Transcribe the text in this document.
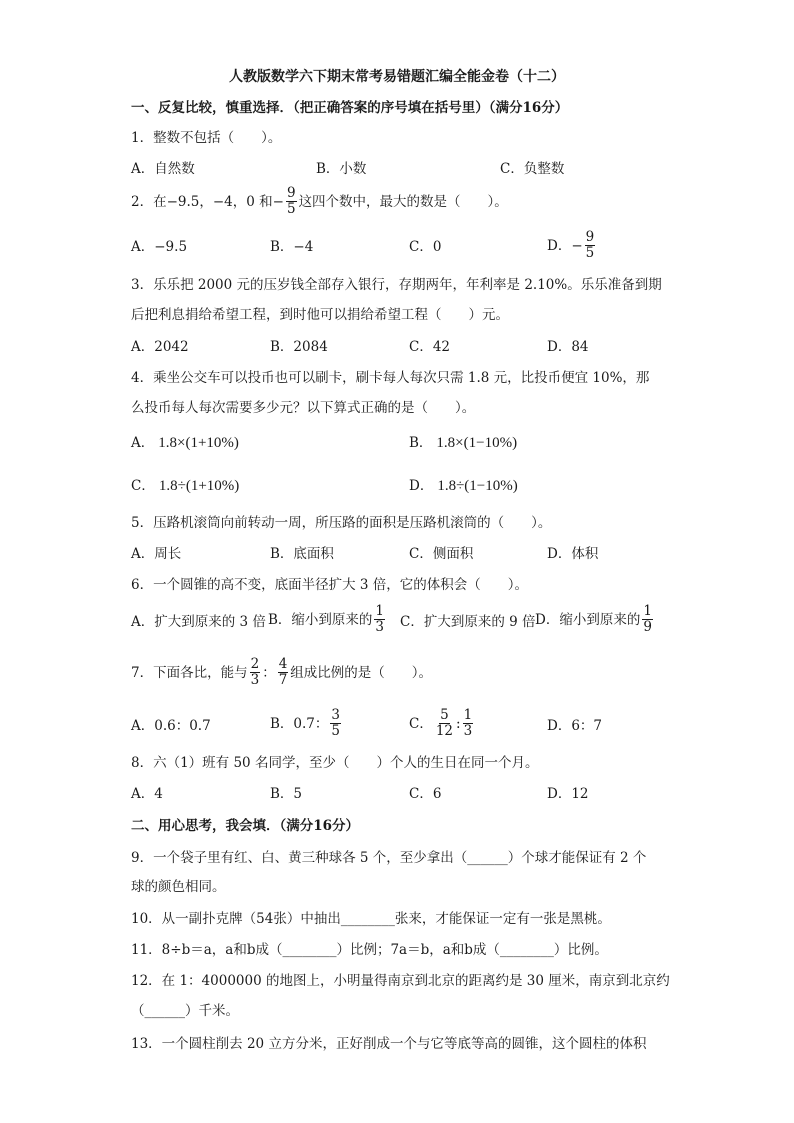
人教版数学六下期末常考易错题汇编全能金卷（十二）
一、反复比较，慎重选择．（把正确答案的序号填在括号里）（满分16分）
1．整数不包括（　　）。
A．自然数	B．小数	C．负整数
2．在−9.5，−4，0 和− $\frac{9}{5}$ 这四个数中，最大的数是（　　）。
A．−9.5	B．−4	C．0	D．− $\frac{9}{5}$
3．乐乐把 2000 元的压岁钱全部存入银行，存期两年，年利率是 2.10%。乐乐准备到期
后把利息捐给希望工程，到时他可以捐给希望工程（　　）元。
A．2042	B．2084	C．42	D．84
4．乘坐公交车可以投币也可以刷卡，刷卡每人每次只需 1.8 元，比投币便宜 10%，那
么投币每人每次需要多少元？以下算式正确的是（　　）。
A． 1.8×(1+10%)	B． 1.8×(1−10%)
C． 1.8÷(1+10%)	D． 1.8÷(1−10%)
5．压路机滚筒向前转动一周，所压路的面积是压路机滚筒的（　　）。
A．周长	B．底面积	C．侧面积	D．体积
6．一个圆锥的高不变，底面半径扩大 3 倍，它的体积会（　　）。
A．扩大到原来的 3 倍 B．缩小到原来的 $\frac{1}{3}$ C．扩大到原来的 9 倍 D．缩小到原来的 $\frac{1}{9}$
7．下面各比，能与 $\frac{2}{3}$ ： $\frac{4}{7}$ 组成比例的是（　　）。
A．0.6：0.7	B．0.7： $\frac{3}{5}$	C． $\frac{5}{12}$ : $\frac{1}{3}$	D．6：7
8．六（1）班有 50 名同学，至少（　　）个人的生日在同一个月。
A．4	B．5	C．6	D．12
二、用心思考，我会填．（满分16分）
9．一个袋子里有红、白、黄三种球各 5 个，至少拿出（______）个球才能保证有 2 个
球的颜色相同。
10．从一副扑克牌（54张）中抽出________张来，才能保证一定有一张是黑桃。
11．8÷b＝a，a和b成（________）比例；7a＝b，a和b成（________）比例。
12．在 1：4000000 的地图上，小明量得南京到北京的距离约是 30 厘米，南京到北京约
（______）千米。
13．一个圆柱削去 20 立方分米，正好削成一个与它等底等高的圆锥，这个圆柱的体积
